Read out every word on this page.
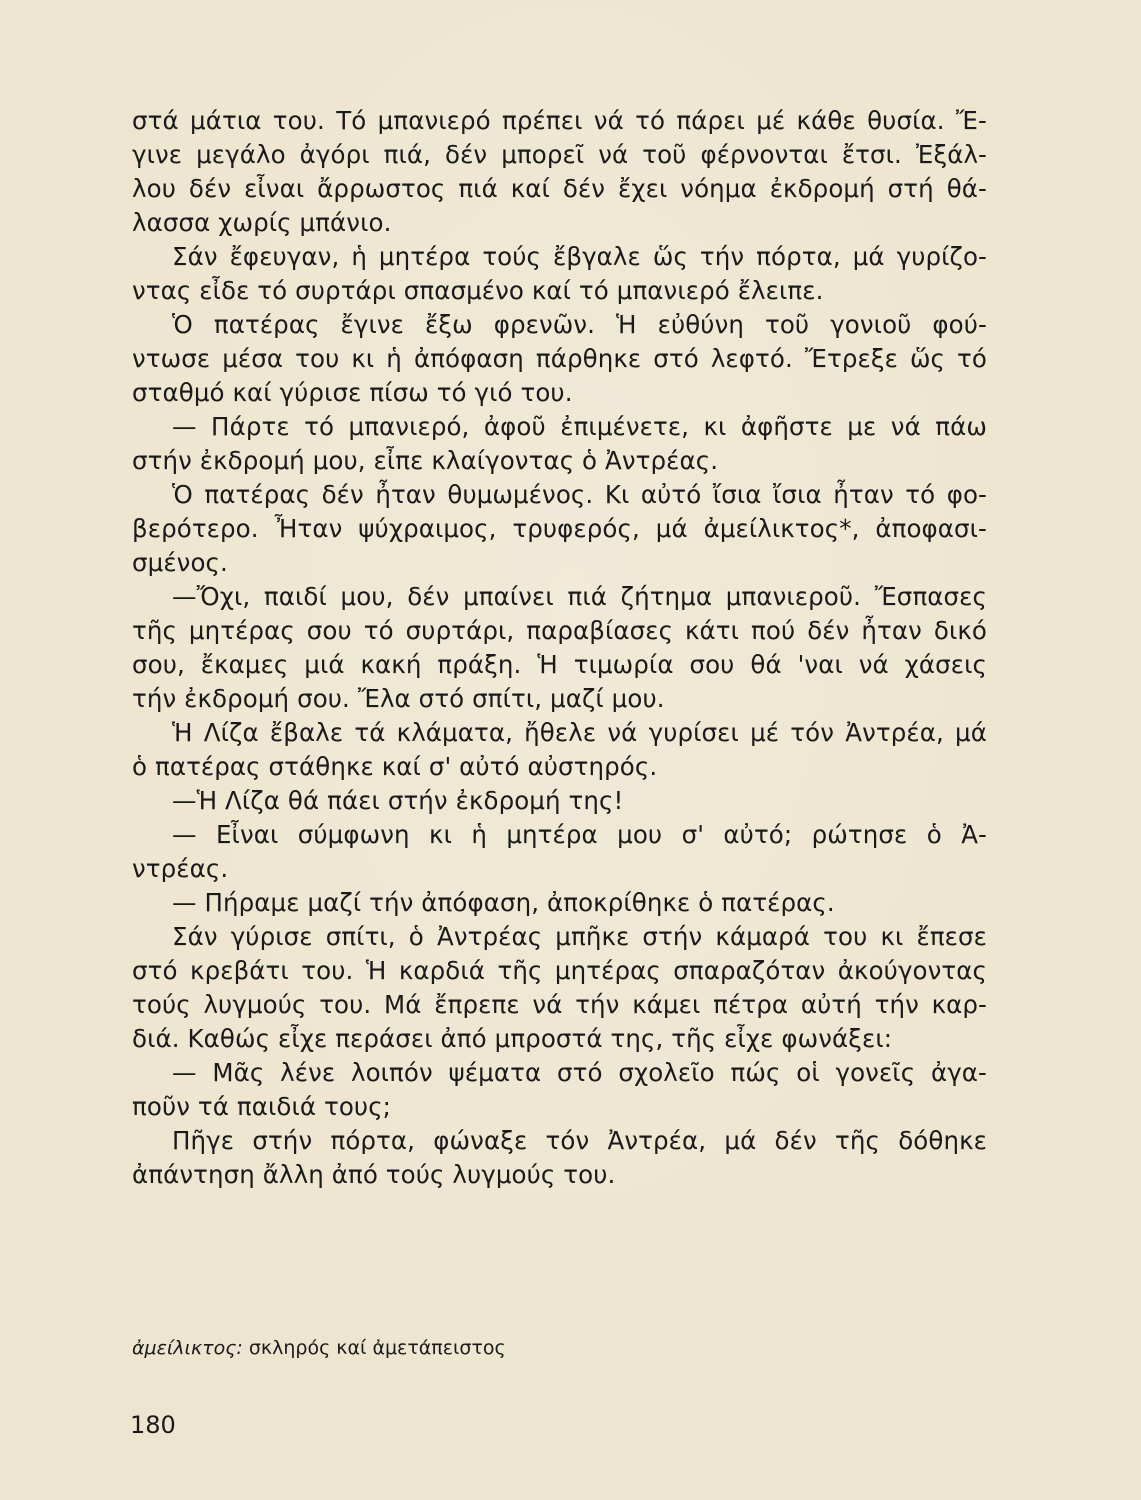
στά μάτια του. Τό μπανιερό πρέπει νά τό πάρει μέ κάθε θυσία. Ἔ-
γινε μεγάλο ἀγόρι πιά, δέν μπορεῖ νά τοῦ φέρνονται ἔτσι. Ἐξάλ-
λου δέν εἶναι ἄρρωστος πιά καί δέν ἔχει νόημα ἐκδρομή στή θά-
λασσα χωρίς μπάνιο.
Σάν ἔφευγαν, ἡ μητέρα τούς ἔβγαλε ὥς τήν πόρτα, μά γυρίζο-
ντας εἶδε τό συρτάρι σπασμένο καί τό μπανιερό ἔλειπε.
Ὁ πατέρας ἔγινε ἔξω φρενῶν. Ἡ εὐθύνη τοῦ γονιοῦ φού-
ντωσε μέσα του κι ἡ ἀπόφαση πάρθηκε στό λεφτό. Ἔτρεξε ὥς τό
σταθμό καί γύρισε πίσω τό γιό του.
— Πάρτε τό μπανιερό, ἀφοῦ ἐπιμένετε, κι ἀφῆστε με νά πάω
στήν ἐκδρομή μου, εἶπε κλαίγοντας ὁ Ἀντρέας.
Ὁ πατέρας δέν ἦταν θυμωμένος. Κι αὐτό ἴσια ἴσια ἦταν τό φο-
βερότερο. Ἦταν ψύχραιμος, τρυφερός, μά ἀμείλικτος*, ἀποφασι-
σμένος.
—Ὄχι, παιδί μου, δέν μπαίνει πιά ζήτημα μπανιεροῦ. Ἔσπασες
τῆς μητέρας σου τό συρτάρι, παραβίασες κάτι πού δέν ἦταν δικό
σου, ἔκαμες μιά κακή πράξη. Ἡ τιμωρία σου θά 'ναι νά χάσεις
τήν ἐκδρομή σου. Ἔλα στό σπίτι, μαζί μου.
Ἡ Λίζα ἔβαλε τά κλάματα, ἤθελε νά γυρίσει μέ τόν Ἀντρέα, μά
ὁ πατέρας στάθηκε καί σ' αὐτό αὐστηρός.
—Ἡ Λίζα θά πάει στήν ἐκδρομή της!
— Εἶναι σύμφωνη κι ἡ μητέρα μου σ' αὐτό; ρώτησε ὁ Ἀ-
ντρέας.
— Πήραμε μαζί τήν ἀπόφαση, ἀποκρίθηκε ὁ πατέρας.
Σάν γύρισε σπίτι, ὁ Ἀντρέας μπῆκε στήν κάμαρά του κι ἔπεσε
στό κρεβάτι του. Ἡ καρδιά τῆς μητέρας σπαραζόταν ἀκούγοντας
τούς λυγμούς του. Μά ἔπρεπε νά τήν κάμει πέτρα αὐτή τήν καρ-
διά. Καθώς εἶχε περάσει ἀπό μπροστά της, τῆς εἶχε φωνάξει:
— Μᾶς λένε λοιπόν ψέματα στό σχολεῖο πώς οἱ γονεῖς ἀγα-
ποῦν τά παιδιά τους;
Πῆγε στήν πόρτα, φώναξε τόν Ἀντρέα, μά δέν τῆς δόθηκε
ἀπάντηση ἄλλη ἀπό τούς λυγμούς του.
ἀμείλικτος: σκληρός καί ἀμετάπειστος
180
